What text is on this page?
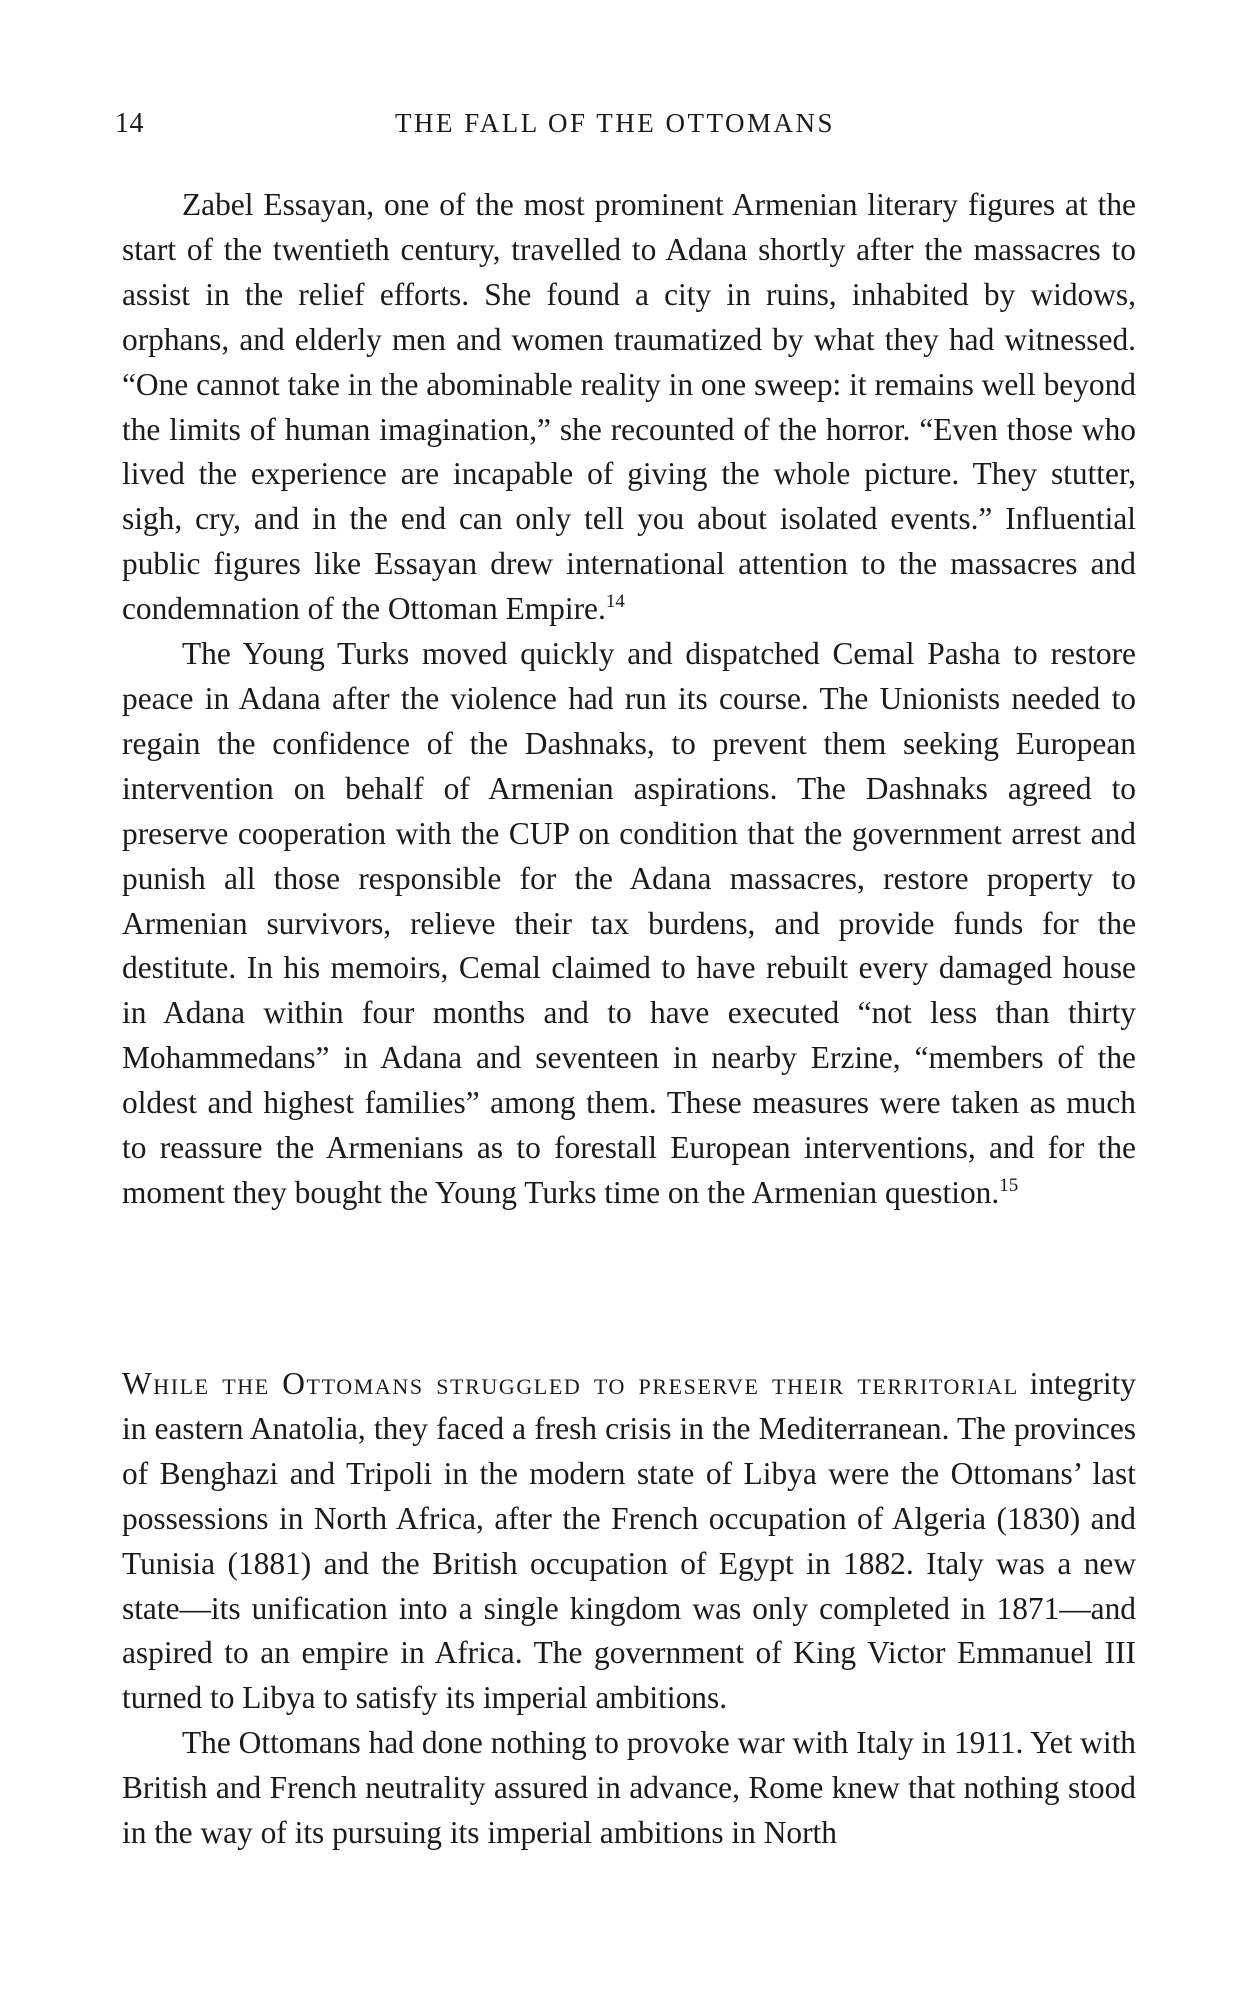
14	THE FALL OF THE OTTOMANS

Zabel Essayan, one of the most prominent Armenian literary figures at the start of the twentieth century, travelled to Adana shortly after the massacres to assist in the relief efforts. She found a city in ruins, inhabited by widows, orphans, and elderly men and women traumatized by what they had witnessed. “One cannot take in the abominable reality in one sweep: it remains well beyond the limits of human imagination,” she recounted of the horror. “Even those who lived the experience are incapable of giving the whole picture. They stutter, sigh, cry, and in the end can only tell you about isolated events.” Influential public figures like Essayan drew international attention to the massacres and condemnation of the Ottoman Empire.$^{14}$

The Young Turks moved quickly and dispatched Cemal Pasha to restore peace in Adana after the violence had run its course. The Unionists needed to regain the confidence of the Dashnaks, to prevent them seeking European intervention on behalf of Armenian aspirations. The Dashnaks agreed to preserve cooperation with the CUP on condition that the government arrest and punish all those responsible for the Adana massacres, restore property to Armenian survivors, relieve their tax burdens, and provide funds for the destitute. In his memoirs, Cemal claimed to have rebuilt every damaged house in Adana within four months and to have executed “not less than thirty Mohammedans” in Adana and seventeen in nearby Erzine, “members of the oldest and highest families” among them. These measures were taken as much to reassure the Armenians as to forestall European interventions, and for the moment they bought the Young Turks time on the Armenian question.$^{15}$

While the Ottomans struggled to preserve their territorial integrity in eastern Anatolia, they faced a fresh crisis in the Mediterranean. The provinces of Benghazi and Tripoli in the modern state of Libya were the Ottomans’ last possessions in North Africa, after the French occupation of Algeria (1830) and Tunisia (1881) and the British occupation of Egypt in 1882. Italy was a new state—its unification into a single kingdom was only completed in 1871—and aspired to an empire in Africa. The government of King Victor Emmanuel III turned to Libya to satisfy its imperial ambitions.

The Ottomans had done nothing to provoke war with Italy in 1911. Yet with British and French neutrality assured in advance, Rome knew that nothing stood in the way of its pursuing its imperial ambitions in North
